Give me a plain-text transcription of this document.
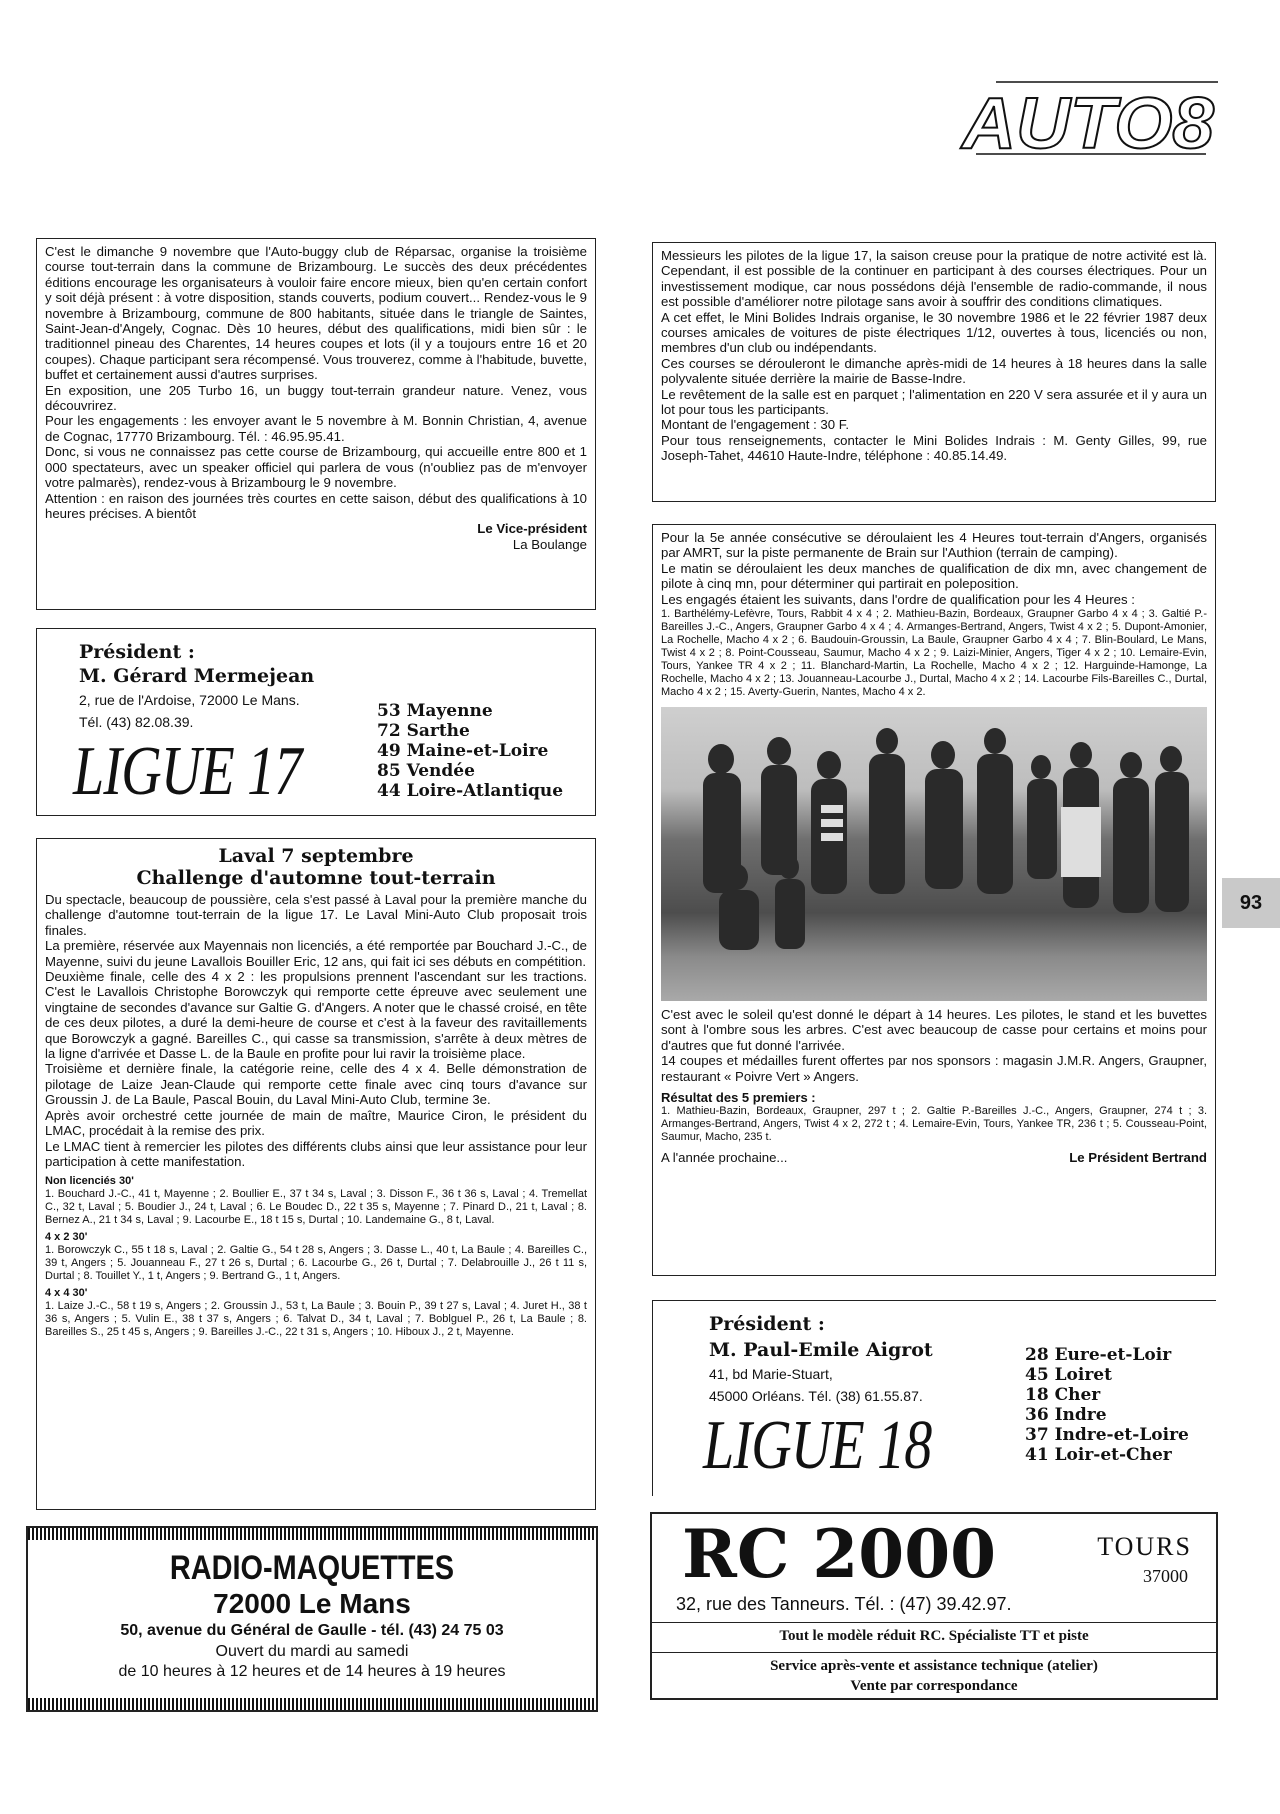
AUTO8
93

C'est le dimanche 9 novembre que l'Auto-buggy club de Réparsac, organise la troisième course tout-terrain dans la commune de Brizambourg. Le succès des deux précédentes éditions encourage les organisateurs à vouloir faire encore mieux, bien qu'en certain confort y soit déjà présent : à votre disposition, stands couverts, podium couvert... Rendez-vous le 9 novembre à Brizambourg, commune de 800 habitants, située dans le triangle de Saintes, Saint-Jean-d'Angely, Cognac. Dès 10 heures, début des qualifications, midi bien sûr : le traditionnel pineau des Charentes, 14 heures coupes et lots (il y a toujours entre 16 et 20 coupes). Chaque participant sera récompensé. Vous trouverez, comme à l'habitude, buvette, buffet et certainement aussi d'autres surprises.

En exposition, une 205 Turbo 16, un buggy tout-terrain grandeur nature. Venez, vous découvrirez.

Pour les engagements : les envoyer avant le 5 novembre à M. Bonnin Christian, 4, avenue de Cognac, 17770 Brizambourg. Tél. : 46.95.95.41.

Donc, si vous ne connaissez pas cette course de Brizambourg, qui accueille entre 800 et 1 000 spectateurs, avec un speaker officiel qui parlera de vous (n'oubliez pas de m'envoyer votre palmarès), rendez-vous à Brizambourg le 9 novembre.

Attention : en raison des journées très courtes en cette saison, début des qualifications à 10 heures précises. A bientôt

Le Vice-président

La Boulange

Président :
M. Gérard Mermejean
2, rue de l'Ardoise, 72000 Le Mans.
Tél. (43) 82.08.39.
LIGUE 17
53 Mayenne
72 Sarthe
49 Maine-et-Loire
85 Vendée
44 Loire-Atlantique
Laval 7 septembre
Challenge d'automne tout-terrain

Du spectacle, beaucoup de poussière, cela s'est passé à Laval pour la première manche du challenge d'automne tout-terrain de la ligue 17. Le Laval Mini-Auto Club proposait trois finales.

La première, réservée aux Mayennais non licenciés, a été remportée par Bouchard J.-C., de Mayenne, suivi du jeune Lavallois Bouiller Eric, 12 ans, qui fait ici ses débuts en compétition.

Deuxième finale, celle des 4 x 2 : les propulsions prennent l'ascendant sur les tractions. C'est le Lavallois Christophe Borowczyk qui remporte cette épreuve avec seulement une vingtaine de secondes d'avance sur Galtie G. d'Angers. A noter que le chassé croisé, en tête de ces deux pilotes, a duré la demi-heure de course et c'est à la faveur des ravitaillements que Borowczyk a gagné. Bareilles C., qui casse sa transmission, s'arrête à deux mètres de la ligne d'arrivée et Dasse L. de la Baule en profite pour lui ravir la troisième place.

Troisième et dernière finale, la catégorie reine, celle des 4 x 4. Belle démonstration de pilotage de Laize Jean-Claude qui remporte cette finale avec cinq tours d'avance sur Groussin J. de La Baule, Pascal Bouin, du Laval Mini-Auto Club, termine 3e.

Après avoir orchestré cette journée de main de maître, Maurice Ciron, le président du LMAC, procédait à la remise des prix.

Le LMAC tient à remercier les pilotes des différents clubs ainsi que leur assistance pour leur participation à cette manifestation.

Non licenciés 30'

1. Bouchard J.-C., 41 t, Mayenne ; 2. Boullier E., 37 t 34 s, Laval ; 3. Disson F., 36 t 36 s, Laval ; 4. Tremellat C., 32 t, Laval ; 5. Boudier J., 24 t, Laval ; 6. Le Boudec D., 22 t 35 s, Mayenne ; 7. Pinard D., 21 t, Laval ; 8. Bernez A., 21 t 34 s, Laval ; 9. Lacourbe E., 18 t 15 s, Durtal ; 10. Landemaine G., 8 t, Laval.

4 x 2 30'

1. Borowczyk C., 55 t 18 s, Laval ; 2. Galtie G., 54 t 28 s, Angers ; 3. Dasse L., 40 t, La Baule ; 4. Bareilles C., 39 t, Angers ; 5. Jouanneau F., 27 t 26 s, Durtal ; 6. Lacourbe G., 26 t, Durtal ; 7. Delabrouille J., 26 t 11 s, Durtal ; 8. Touillet Y., 1 t, Angers ; 9. Bertrand G., 1 t, Angers.

4 x 4 30'

1. Laize J.-C., 58 t 19 s, Angers ; 2. Groussin J., 53 t, La Baule ; 3. Bouin P., 39 t 27 s, Laval ; 4. Juret H., 38 t 36 s, Angers ; 5. Vulin E., 38 t 37 s, Angers ; 6. Talvat D., 34 t, Laval ; 7. Boblguel P., 26 t, La Baule ; 8. Bareilles S., 25 t 45 s, Angers ; 9. Bareilles J.-C., 22 t 31 s, Angers ; 10. Hiboux J., 2 t, Mayenne.

RADIO-MAQUETTES
72000 Le Mans
50, avenue du Général de Gaulle - tél. (43) 24 75 03
Ouvert du mardi au samedi
de 10 heures à 12 heures et de 14 heures à 19 heures

Messieurs les pilotes de la ligue 17, la saison creuse pour la pratique de notre activité est là. Cependant, il est possible de la continuer en participant à des courses électriques. Pour un investissement modique, car nous possédons déjà l'ensemble de radio-commande, il nous est possible d'améliorer notre pilotage sans avoir à souffrir des conditions climatiques.

A cet effet, le Mini Bolides Indrais organise, le 30 novembre 1986 et le 22 février 1987 deux courses amicales de voitures de piste électriques 1/12, ouvertes à tous, licenciés ou non, membres d'un club ou indépendants.

Ces courses se dérouleront le dimanche après-midi de 14 heures à 18 heures dans la salle polyvalente située derrière la mairie de Basse-Indre.

Le revêtement de la salle est en parquet ; l'alimentation en 220 V sera assurée et il y aura un lot pour tous les participants.

Montant de l'engagement : 30 F.

Pour tous renseignements, contacter le Mini Bolides Indrais : M. Genty Gilles, 99, rue Joseph-Tahet, 44610 Haute-Indre, téléphone : 40.85.14.49.

Pour la 5e année consécutive se déroulaient les 4 Heures tout-terrain d'Angers, organisés par AMRT, sur la piste permanente de Brain sur l'Authion (terrain de camping).

Le matin se déroulaient les deux manches de qualification de dix mn, avec changement de pilote à cinq mn, pour déterminer qui partirait en poleposition.

Les engagés étaient les suivants, dans l'ordre de qualification pour les 4 Heures :

1. Barthélémy-Lefèvre, Tours, Rabbit 4 x 4 ; 2. Mathieu-Bazin, Bordeaux, Graupner Garbo 4 x 4 ; 3. Galtié P.-Bareilles J.-C., Angers, Graupner Garbo 4 x 4 ; 4. Armanges-Bertrand, Angers, Twist 4 x 2 ; 5. Dupont-Amonier, La Rochelle, Macho 4 x 2 ; 6. Baudouin-Groussin, La Baule, Graupner Garbo 4 x 4 ; 7. Blin-Boulard, Le Mans, Twist 4 x 2 ; 8. Point-Cousseau, Saumur, Macho 4 x 2 ; 9. Laizi-Minier, Angers, Tiger 4 x 2 ; 10. Lemaire-Evin, Tours, Yankee TR 4 x 2 ; 11. Blanchard-Martin, La Rochelle, Macho 4 x 2 ; 12. Harguinde-Hamonge, La Rochelle, Macho 4 x 2 ; 13. Jouanneau-Lacourbe J., Durtal, Macho 4 x 2 ; 14. Lacourbe Fils-Bareilles C., Durtal, Macho 4 x 2 ; 15. Averty-Guerin, Nantes, Macho 4 x 2.

C'est avec le soleil qu'est donné le départ à 14 heures. Les pilotes, le stand et les buvettes sont à l'ombre sous les arbres. C'est avec beaucoup de casse pour certains et moins pour d'autres que fut donné l'arrivée.

14 coupes et médailles furent offertes par nos sponsors : magasin J.M.R. Angers, Graupner, restaurant « Poivre Vert » Angers.

Résultat des 5 premiers :
1. Mathieu-Bazin, Bordeaux, Graupner, 297 t ; 2. Galtie P.-Bareilles J.-C., Angers, Graupner, 274 t ; 3. Armanges-Bertrand, Angers, Twist 4 x 2, 272 t ; 4. Lemaire-Evin, Tours, Yankee TR, 236 t ; 5. Cousseau-Point, Saumur, Macho, 235 t.
A l'année prochaine...	Le Président Bertrand
Président :
M. Paul-Emile Aigrot
41, bd Marie-Stuart,
45000 Orléans. Tél. (38) 61.55.87.
LIGUE 18
28 Eure-et-Loir
45 Loiret
18 Cher
36 Indre
37 Indre-et-Loire
41 Loir-et-Cher
RC 2000	TOURS
37000
32, rue des Tanneurs. Tél. : (47) 39.42.97.
Tout le modèle réduit RC. Spécialiste TT et piste
Service après-vente et assistance technique (atelier)
Vente par correspondance
